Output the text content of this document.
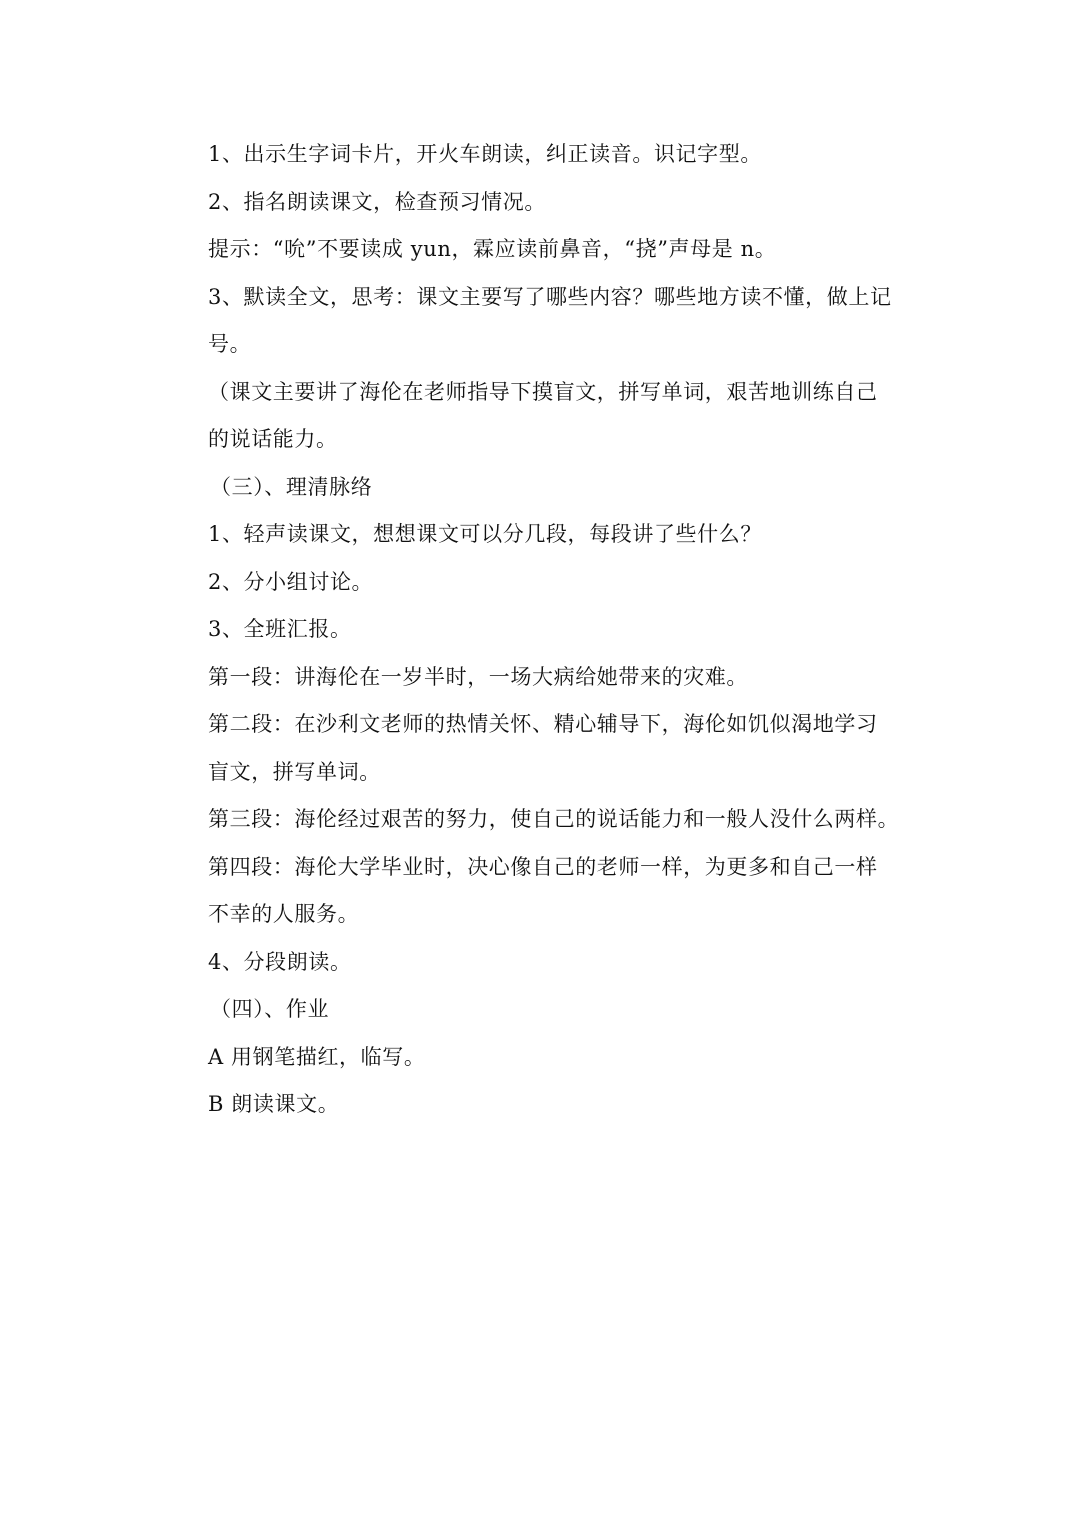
1、出示生字词卡片，开火车朗读，纠正读音。识记字型。
2、指名朗读课文，检查预习情况。
提示：“吮”不要读成 yun，霖应读前鼻音，“挠”声母是 n。
3、默读全文，思考：课文主要写了哪些内容？哪些地方读不懂，做上记
号。
（课文主要讲了海伦在老师指导下摸盲文，拼写单词，艰苦地训练自己
的说话能力。
（三）、理清脉络
1、轻声读课文，想想课文可以分几段，每段讲了些什么？
2、分小组讨论。
3、全班汇报。
第一段：讲海伦在一岁半时，一场大病给她带来的灾难。
第二段：在沙利文老师的热情关怀、精心辅导下，海伦如饥似渴地学习
盲文，拼写单词。
第三段：海伦经过艰苦的努力，使自己的说话能力和一般人没什么两样。
第四段：海伦大学毕业时，决心像自己的老师一样，为更多和自己一样
不幸的人服务。
4、分段朗读。
（四）、作业
A 用钢笔描红，临写。
B 朗读课文。
